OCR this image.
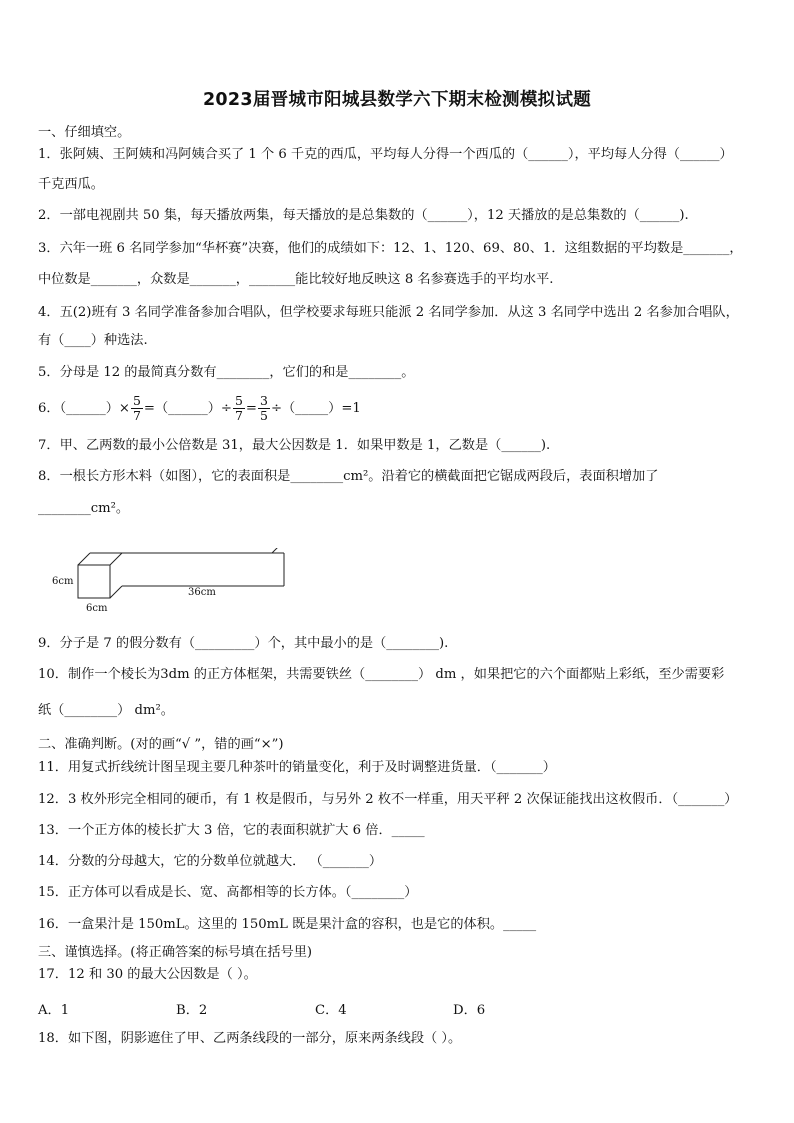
2023届晋城市阳城县数学六下期末检测模拟试题
一、仔细填空。
1．张阿姨、王阿姨和冯阿姨合买了 1 个 6 千克的西瓜，平均每人分得一个西瓜的（______），平均每人分得（______）
千克西瓜。
2．一部电视剧共 50 集，每天播放两集，每天播放的是总集数的（______），12 天播放的是总集数的（______).
3．六年一班 6 名同学参加“华杯赛”决赛，他们的成绩如下：12、1、120、69、80、1．这组数据的平均数是_______，
中位数是_______，众数是_______，_______能比较好地反映这 8 名参赛选手的平均水平.
4．五(2)班有 3 名同学准备参加合唱队，但学校要求每班只能派 2 名同学参加．从这 3 名同学中选出 2 名参加合唱队，
有（____）种选法.
5．分母是 12 的最简真分数有________，它们的和是________。
6．（______）× $\frac{5}{7}$ =（______）÷ $\frac{5}{7} = \frac{3}{5}$ ÷（_____）=1
7．甲、乙两数的最小公倍数是 31，最大公因数是 1．如果甲数是 1，乙数是（______).
8．一根长方形木料（如图），它的表面积是________cm²。沿着它的横截面把它锯成两段后，表面积增加了
________cm²。
6cm
6cm
36cm
9．分子是 7 的假分数有（_________）个，其中最小的是（________).
10．制作一个棱长为3dm 的正方体框架，共需要铁丝（________） dm ，如果把它的六个面都贴上彩纸，至少需要彩
纸（________） dm²。
二、准确判断。(对的画“√ ”，错的画“×”)
11．用复式折线统计图呈现主要几种茶叶的销量变化，利于及时调整进货量．（_______）
12．3 枚外形完全相同的硬币，有 1 枚是假币，与另外 2 枚不一样重，用天平秤 2 次保证能找出这枚假币．（_______）
13．一个正方体的棱长扩大 3 倍，它的表面积就扩大 6 倍．_____
14．分数的分母越大，它的分数单位就越大． （_______）
15．正方体可以看成是长、宽、高都相等的长方体。（________）
16．一盒果汁是 150mL。这里的 150mL 既是果汁盒的容积，也是它的体积。_____
三、谨慎选择。(将正确答案的标号填在括号里)
17．12 和 30 的最大公因数是（ ）。
A．1	B．2	C．4	D．6
18．如下图，阴影遮住了甲、乙两条线段的一部分，原来两条线段（ ）。
